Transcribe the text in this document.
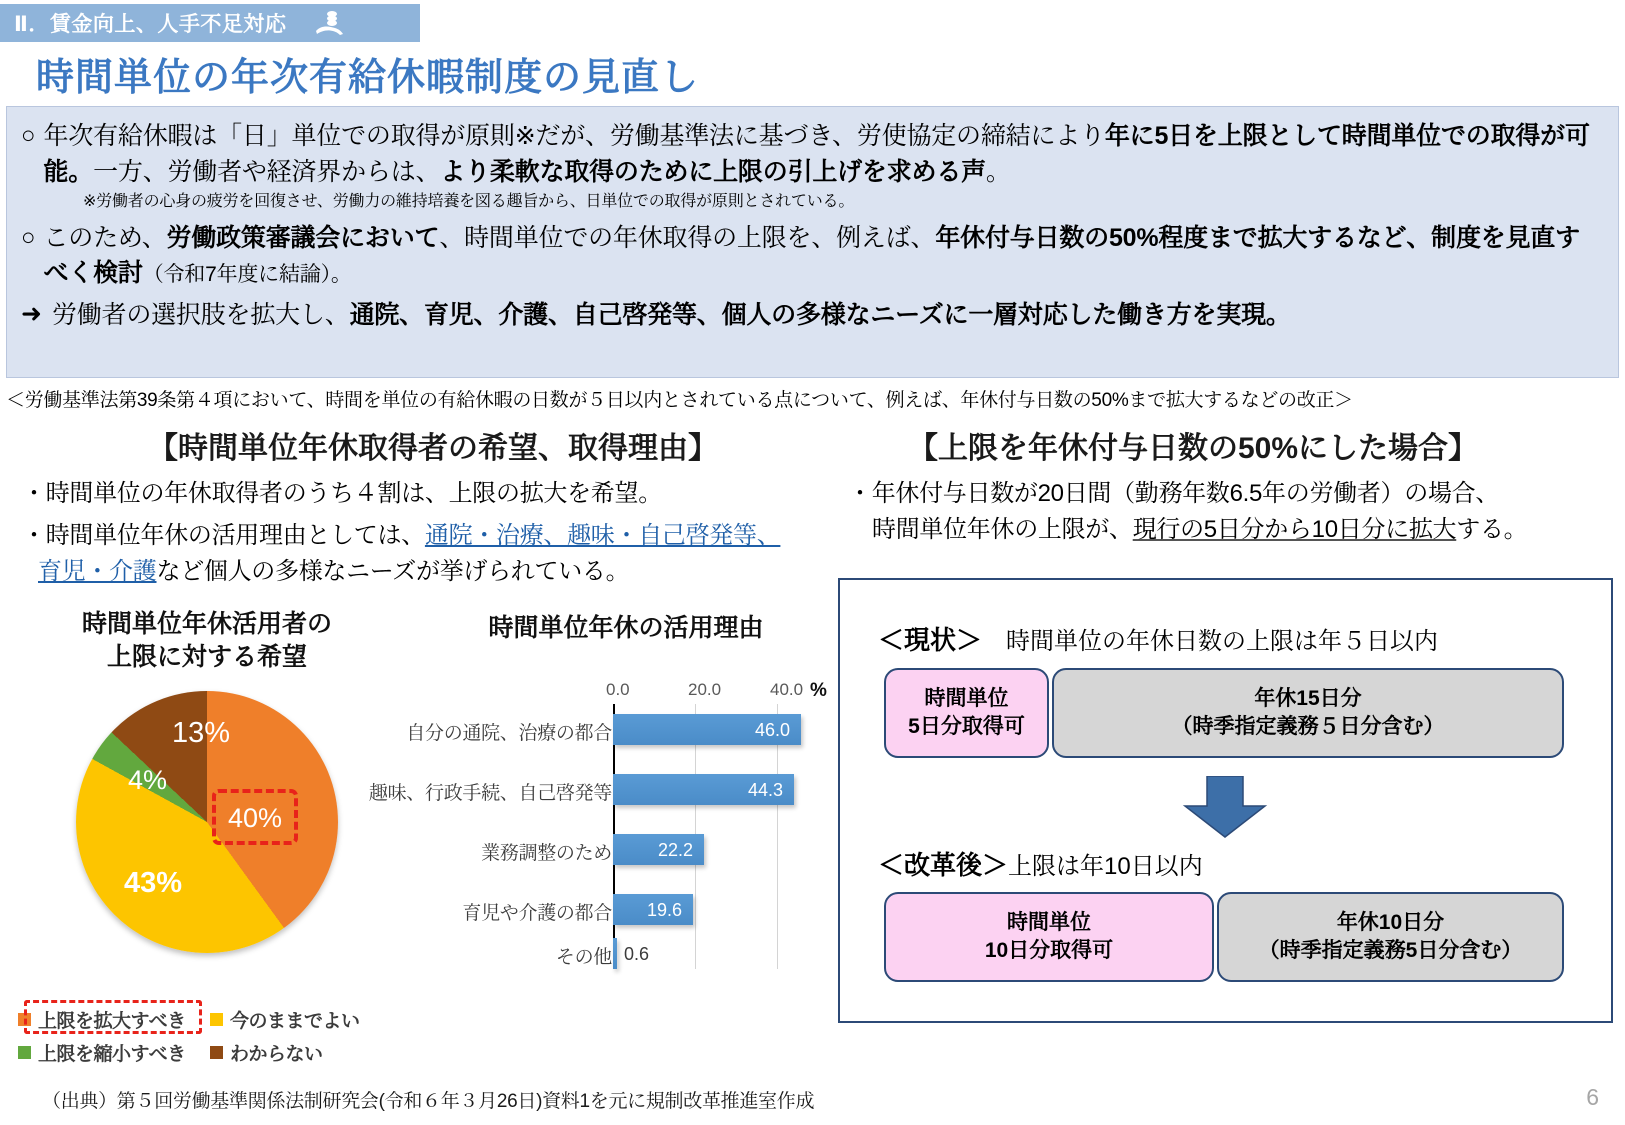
Ⅱ．賃金向上、人手不足対応
時間単位の年次有給休暇制度の見直し
○ 年次有給休暇は「日」単位での取得が原則※だが、労働基準法に基づき、労使協定の締結により年に5日を上限として時間単位での取得が可能。一方、労働者や経済界からは、より柔軟な取得のために上限の引上げを求める声。
※労働者の心身の疲労を回復させ、労働力の維持培養を図る趣旨から、日単位での取得が原則とされている。
○ このため、労働政策審議会において、時間単位での年休取得の上限を、例えば、年休付与日数の50%程度まで拡大するなど、制度を見直すべく検討（令和7年度に結論）。
➜ 労働者の選択肢を拡大し、通院、育児、介護、自己啓発等、個人の多様なニーズに一層対応した働き方を実現。
＜労働基準法第39条第４項において、時間を単位の有給休暇の日数が５日以内とされている点について、例えば、年休付与日数の50%まで拡大するなどの改正＞
【時間単位年休取得者の希望、取得理由】	【上限を年休付与日数の50%にした場合】
・時間単位の年休取得者のうち４割は、上限の拡大を希望。
・時間単位年休の活用理由としては、通院・治療、趣味・自己啓発等、
育児・介護など個人の多様なニーズが挙げられている。
・年休付与日数が20日間（勤務年数6.5年の労働者）の場合、
時間単位年休の上限が、現行の5日分から10日分に拡大する。
時間単位年休活用者の
上限に対する希望
40%
43%
4%
13%
上限を拡大すべき 今のままでよい
上限を縮小すべき わからない
時間単位年休の活用理由
0.0	20.0	40.0 %
自分の通院、治療の都合	46.0
趣味、行政手続、自己啓発等	44.3
業務調整のため	22.2
育児や介護の都合 19.6
その他 0.6
＜現状＞　 時間単位の年休日数の上限は年５日以内
時間単位
5日分取得可
年休15日分
（時季指定義務５日分含む）
＜改革後＞上限は年10日以内
時間単位
10日分取得可
年休10日分
（時季指定義務5日分含む）
（出典）第５回労働基準関係法制研究会(令和６年３月26日)資料1を元に規制改革推進室作成	6
